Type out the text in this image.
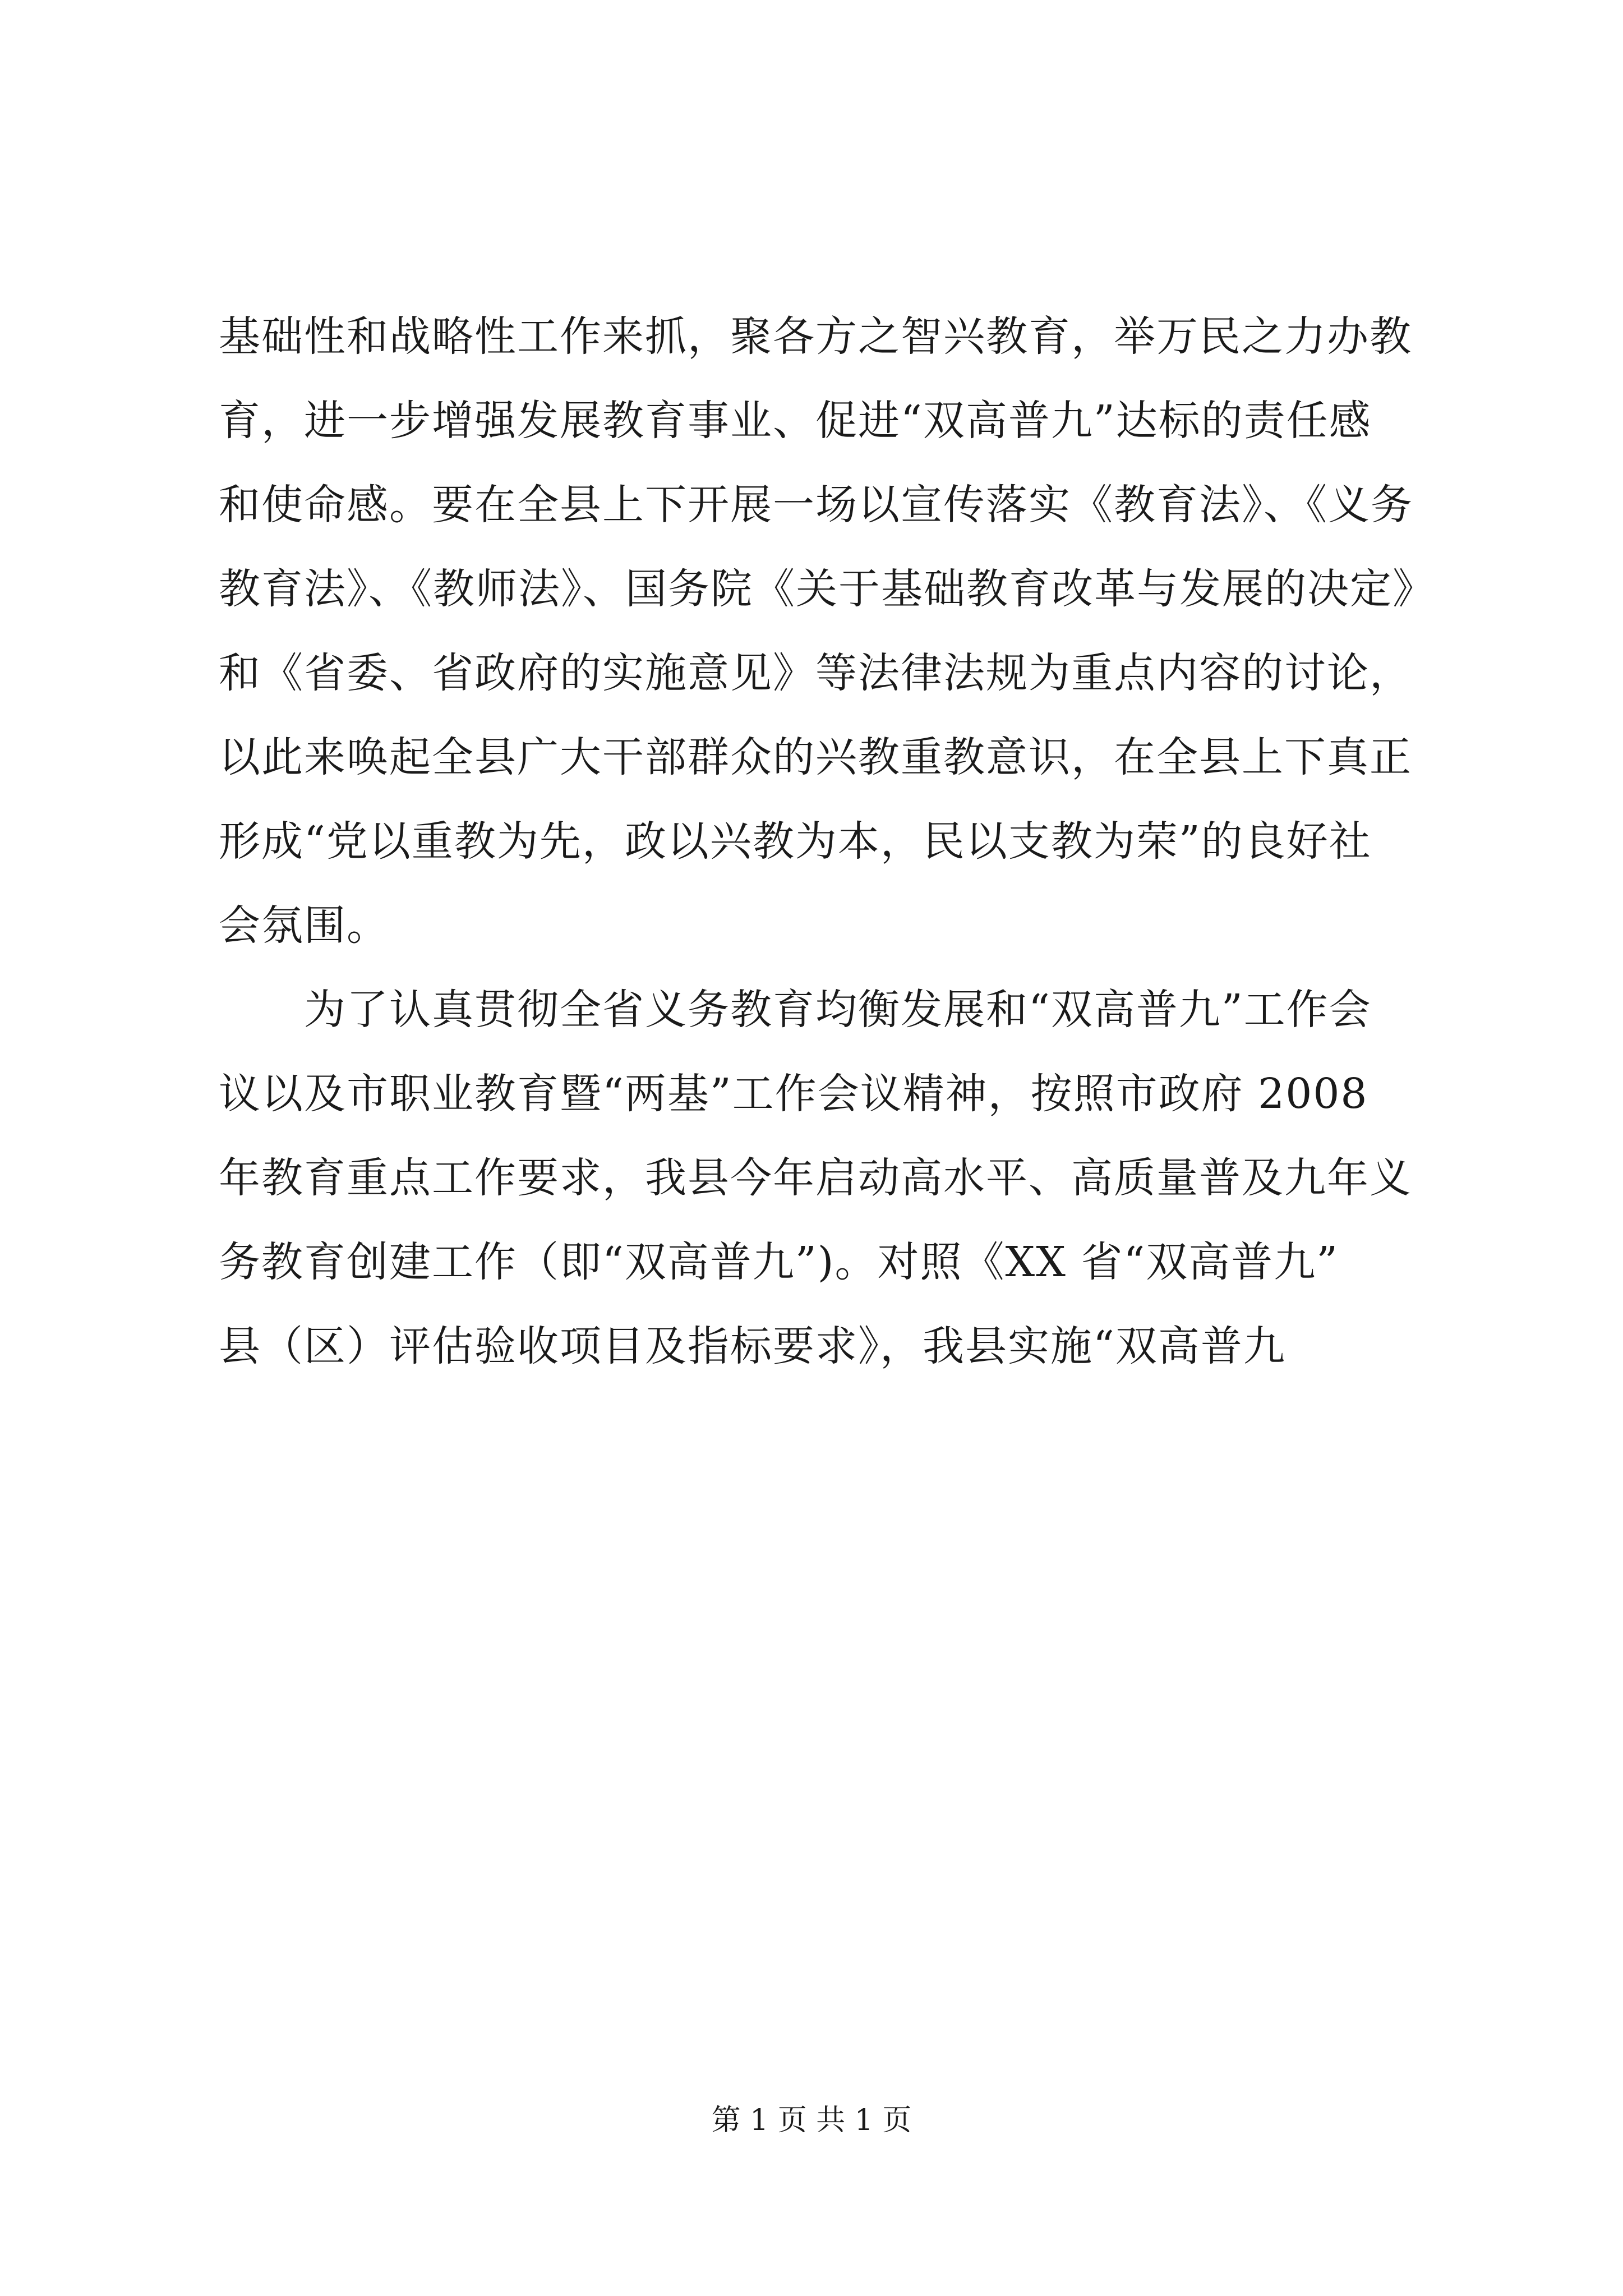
基础性和战略性工作来抓，聚各方之智兴教育，举万民之力办教
育，进一步增强发展教育事业、促进“双高普九”达标的责任感
和使命感。要在全县上下开展一场以宣传落实《教育法》、《义务
教育法》、《教师法》、国务院《关于基础教育改革与发展的决定》
和《省委、省政府的实施意见》等法律法规为重点内容的讨论，
以此来唤起全县广大干部群众的兴教重教意识，在全县上下真正
形成“党以重教为先，政以兴教为本，民以支教为荣”的良好社
会氛围。
　　为了认真贯彻全省义务教育均衡发展和“双高普九”工作会
议以及市职业教育暨“两基”工作会议精神，按照市政府 2008
年教育重点工作要求，我县今年启动高水平、高质量普及九年义
务教育创建工作（即“双高普九”)。对照《XX 省“双高普九”
县（区）评估验收项目及指标要求》，我县实施“双高普九
第 1 页 共 1 页
